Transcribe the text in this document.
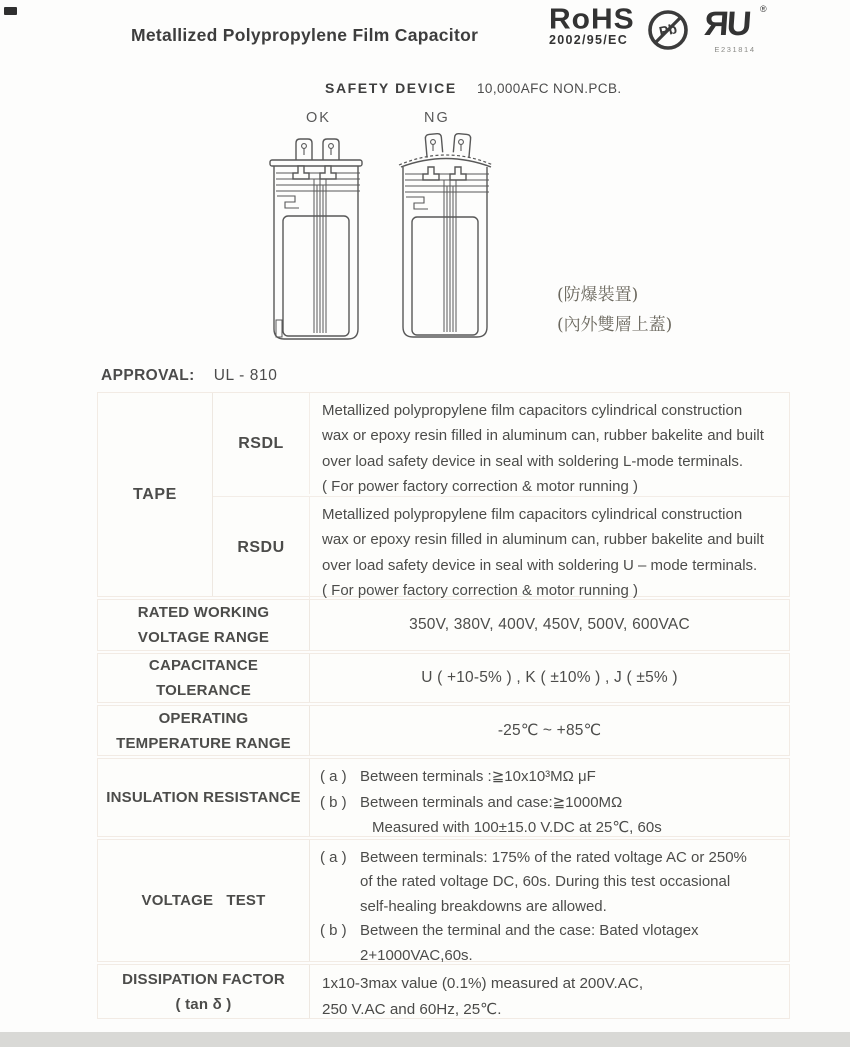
Metallized Polypropylene Film Capacitor RoHS
2002/95/EC
Pb ЯU ®
E231814
SAFETY DEVICE 10,000AFC NON.PCB.
OK	NG
(防爆裝置)
(內外雙層上蓋)
APPROVAL: UL - 810
TAPE
RSDL
Metallized polypropylene film capacitors cylindrical construction
wax or epoxy resin filled in aluminum can, rubber bakelite and built
over load safety device in seal with soldering L-mode terminals.
( For power factory correction & motor running )
RSDU
Metallized polypropylene film capacitors cylindrical construction
wax or epoxy resin filled in aluminum can, rubber bakelite and built
over load safety device in seal with soldering U – mode terminals.
( For power factory correction & motor running )
RATED WORKING
VOLTAGE RANGE
350V, 380V, 400V, 450V, 500V, 600VAC
CAPACITANCE
TOLERANCE
U ( +10-5% ) , K ( ±10% ) , J ( ±5% )
OPERATING
TEMPERATURE RANGE
-25℃ ~ +85℃
INSULATION RESISTANCE
( a ) Between terminals :≧10x10³MΩ μF
( b ) Between terminals and case:≧1000MΩ
Measured with 100±15.0 V.DC at 25℃, 60s
VOLTAGE TEST
( a ) Between terminals: 175% of the rated voltage AC or 250%
of the rated voltage DC, 60s. During this test occasional
self-healing breakdowns are allowed.
( b ) Between the terminal and the case: Bated vlotagex
2+1000VAC,60s.
DISSIPATION FACTOR
( tan δ )
1x10-3max value (0.1%) measured at 200V.AC,
250 V.AC and 60Hz, 25℃.
